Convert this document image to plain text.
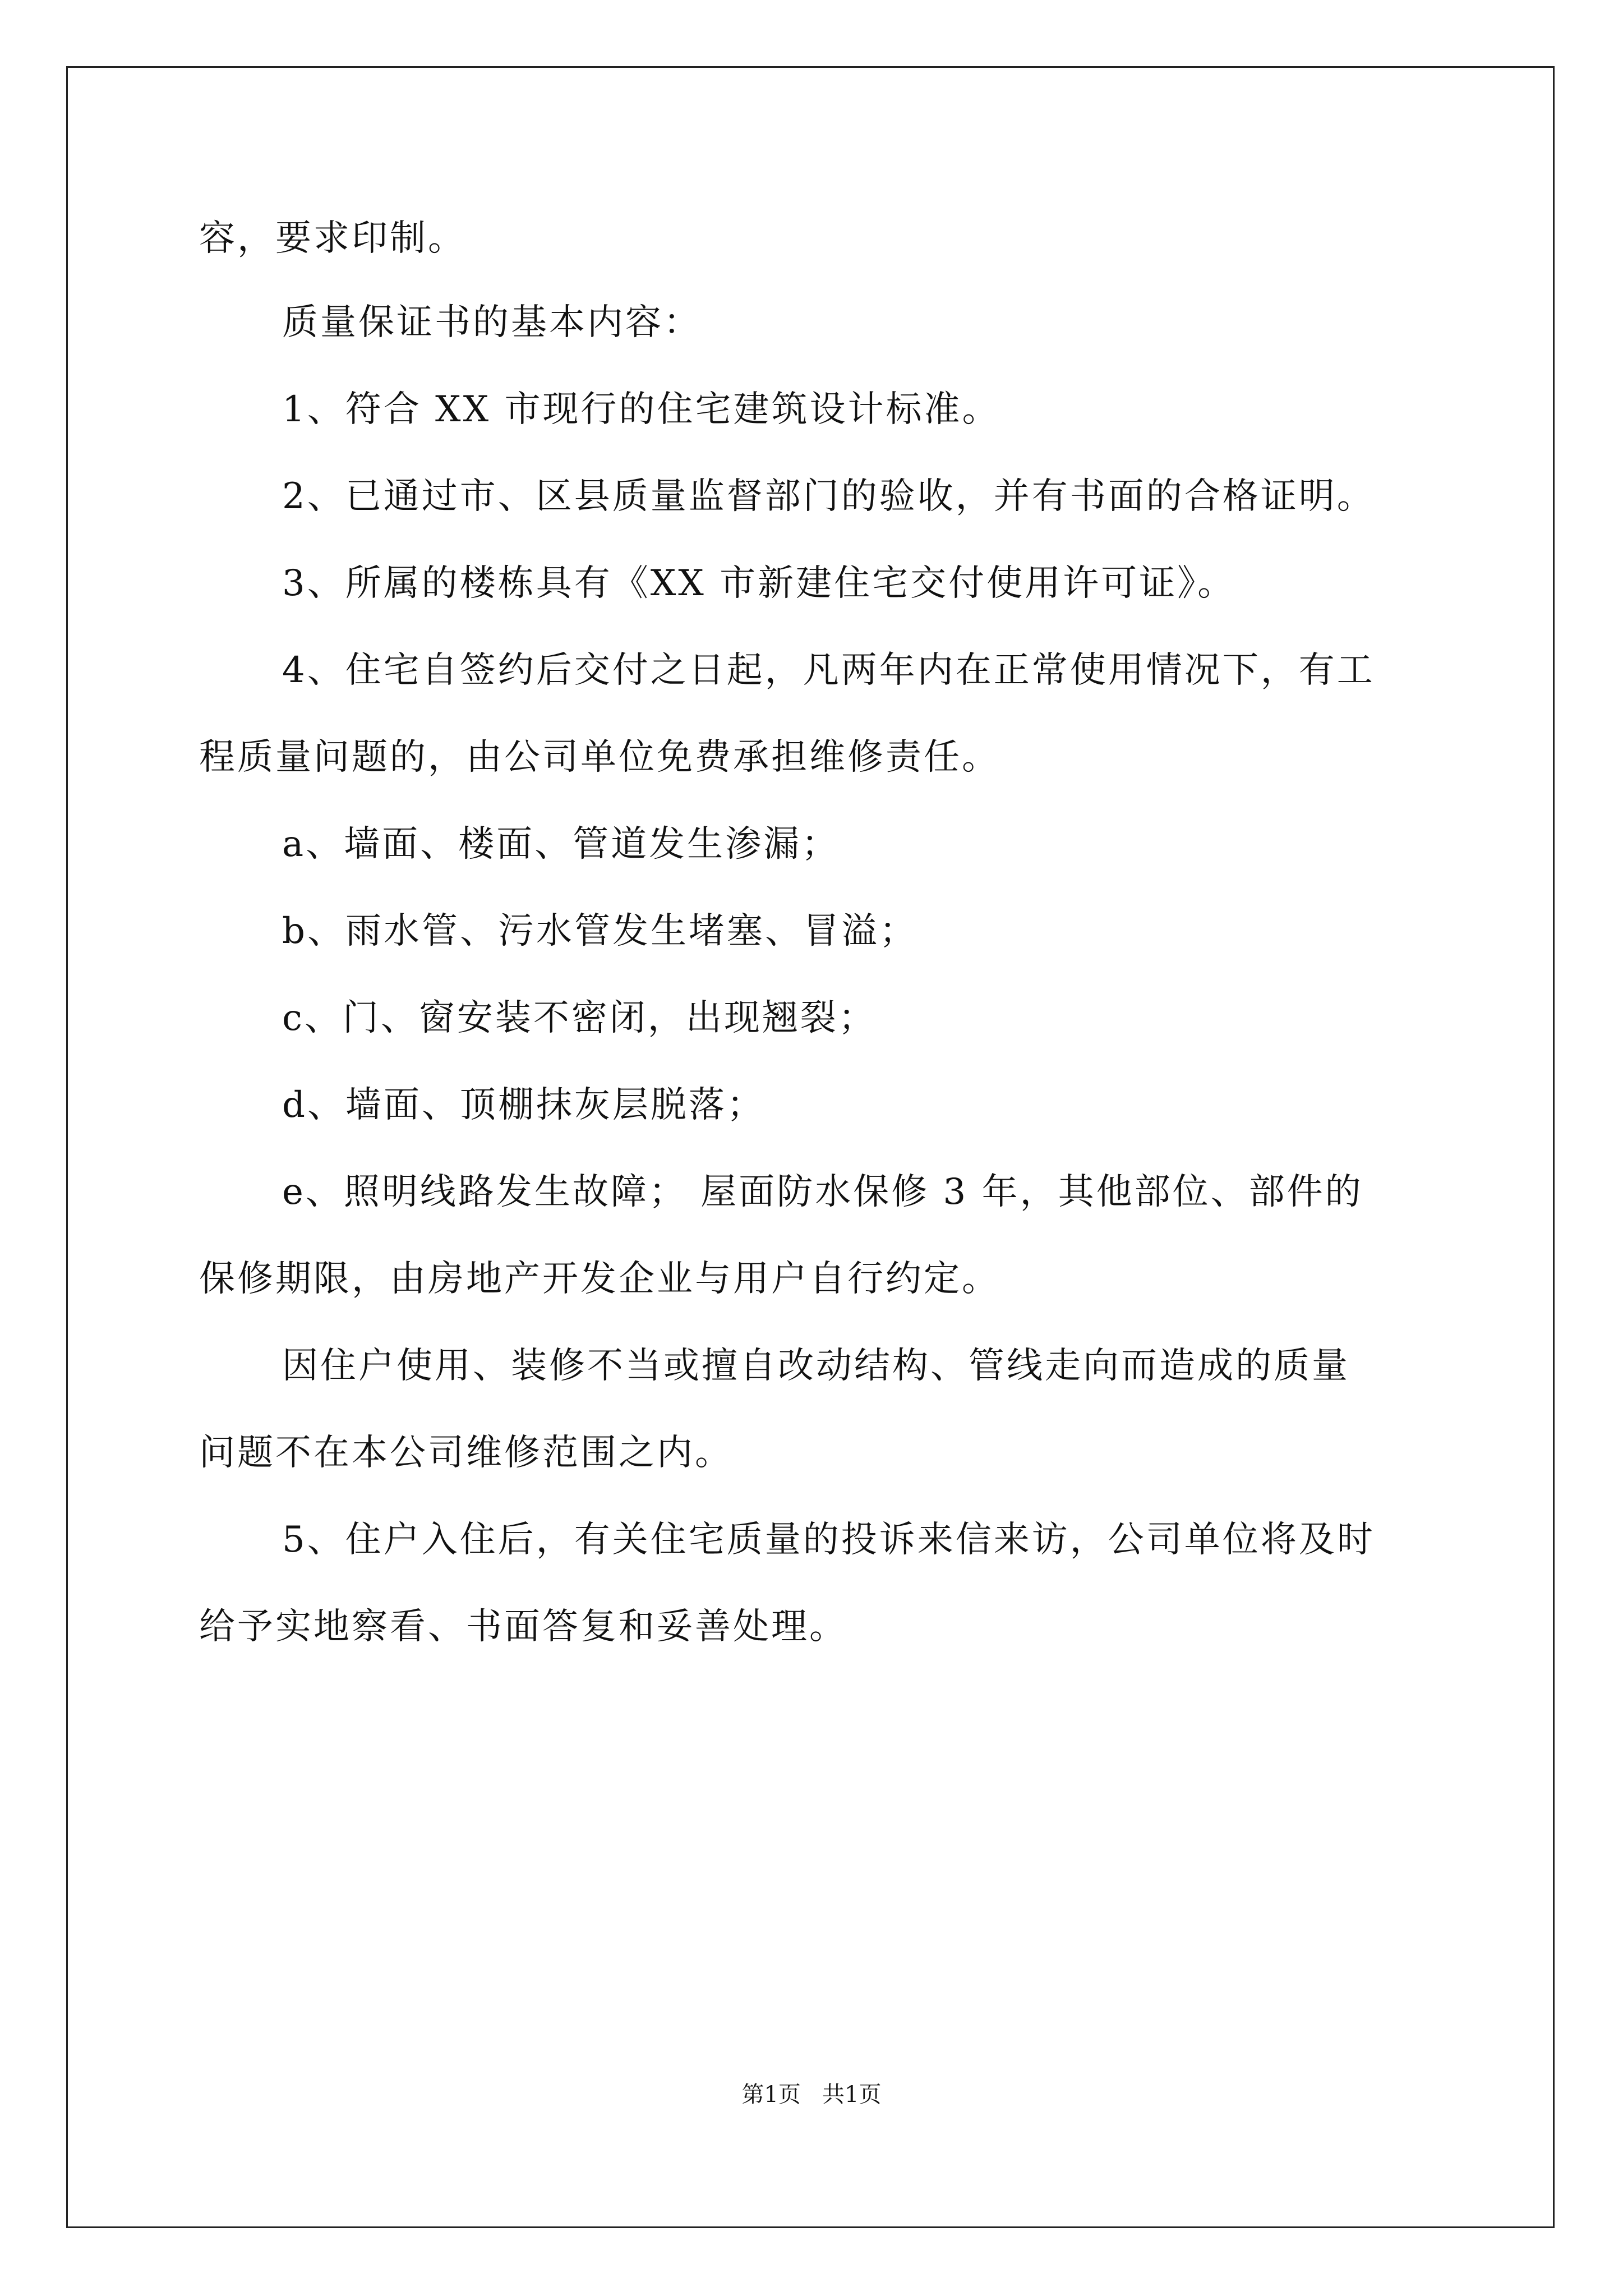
容，要求印制。
质量保证书的基本内容：
1、符合 XX 市现行的住宅建筑设计标准。
2、已通过市、区县质量监督部门的验收，并有书面的合格证明。
3、所属的楼栋具有《XX 市新建住宅交付使用许可证》。
4、住宅自签约后交付之日起，凡两年内在正常使用情况下，有工
程质量问题的，由公司单位免费承担维修责任。
a、墙面、楼面、管道发生渗漏；
b、雨水管、污水管发生堵塞、冒溢；
c、门、窗安装不密闭，出现翘裂；
d、墙面、顶棚抹灰层脱落；
e、照明线路发生故障； 屋面防水保修 3 年，其他部位、部件的
保修期限，由房地产开发企业与用户自行约定。
因住户使用、装修不当或擅自改动结构、管线走向而造成的质量
问题不在本公司维修范围之内。
5、住户入住后，有关住宅质量的投诉来信来访，公司单位将及时
给予实地察看、书面答复和妥善处理。
第1页   共1页
